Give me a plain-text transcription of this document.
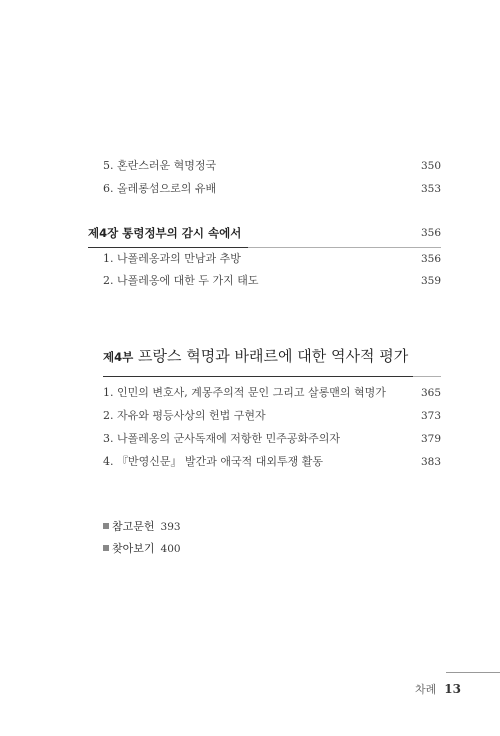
5. 혼란스러운 혁명정국	350
6. 올레롱섬으로의 유배	353
제4장 통령정부의 감시 속에서	356
1. 나폴레옹과의 만남과 추방	356
2. 나폴레옹에 대한 두 가지 태도	359
제4부 프랑스 혁명과 바래르에 대한 역사적 평가
1. 인민의 변호사, 계몽주의적 문인 그리고 살롱맨의 혁명가	365
2. 자유와 평등사상의 헌법 구현자	373
3. 나폴레옹의 군사독재에 저항한 민주공화주의자	379
4. 『반영신문』 발간과 애국적 대외투쟁 활동	383
참고문헌 393
찾아보기 400
차례 13
